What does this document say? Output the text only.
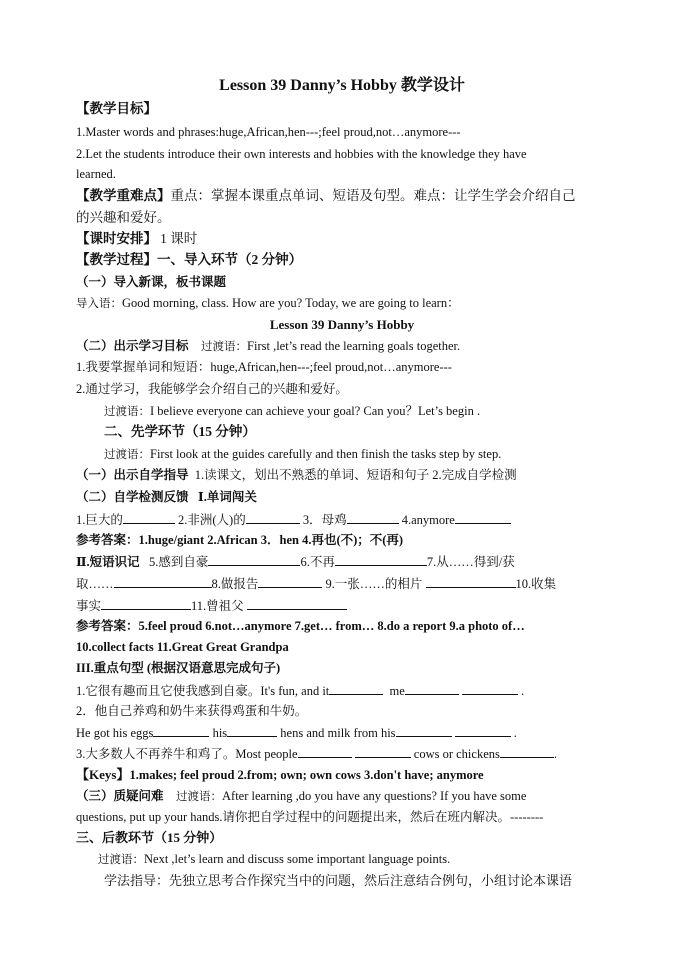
Lesson 39 Danny’s Hobby 教学设计
【教学目标】
1.Master words and phrases:huge,African,hen---;feel proud,not…anymore---
2.Let the students introduce their own interests and hobbies with the knowledge they have
learned.
【教学重难点】重点：掌握本课重点单词、短语及句型。难点：让学生学会介绍自己
的兴趣和爱好。
【课时安排】 1 课时
【教学过程】一、导入环节（2 分钟）
（一）导入新课，板书课题
导入语：Good morning, class. How are you? Today, we are going to learn：
Lesson 39 Danny’s Hobby
（二）出示学习目标 过渡语：First ,let’s read the learning goals together.
1.我要掌握单词和短语：huge,African,hen---;feel proud,not…anymore---
2.通过学习，我能够学会介绍自己的兴趣和爱好。
过渡语：I believe everyone can achieve your goal? Can you？Let’s begin .
二、先学环节（15 分钟）
过渡语：First look at the guides carefully and then finish the tasks step by step.
（一）出示自学指导 1.读课文，划出不熟悉的单词、短语和句子 2.完成自学检测
（二）自学检测反馈 Ⅰ.单词闯关
1.巨大的	2.非洲(人)的	3．母鸡	4.anymore
参考答案：1.huge/giant 2.African 3．hen 4.再也(不)；不(再)
Ⅱ.短语识记 5.感到自豪	6.不再	7.从……得到/获
取……	8.做报告	9.一张……的相片	10.收集
事实	11.曾祖父
参考答案：5.feel proud 6.not…anymore 7.get… from… 8.do a report 9.a photo of…
10.collect facts 11.Great Great Grandpa
III.重点句型 (根据汉语意思完成句子)
1.它很有趣而且它使我感到自豪。It's fun, and it	me	.
2．他自己养鸡和奶牛来获得鸡蛋和牛奶。
He got his eggs	his	hens and milk from his	.
3.大多数人不再养牛和鸡了。Most people	cows or chickens	.
【Keys】1.makes; feel proud 2.from; own; own cows 3.don't have; anymore
（三）质疑问难 过渡语：After learning ,do you have any questions? If you have some
questions, put up your hands.请你把自学过程中的问题提出来，然后在班内解决。--------
三、后教环节（15 分钟）
过渡语：Next ,let’s learn and discuss some important language points.
学法指导：先独立思考合作探究当中的问题，然后注意结合例句，小组讨论本课语
